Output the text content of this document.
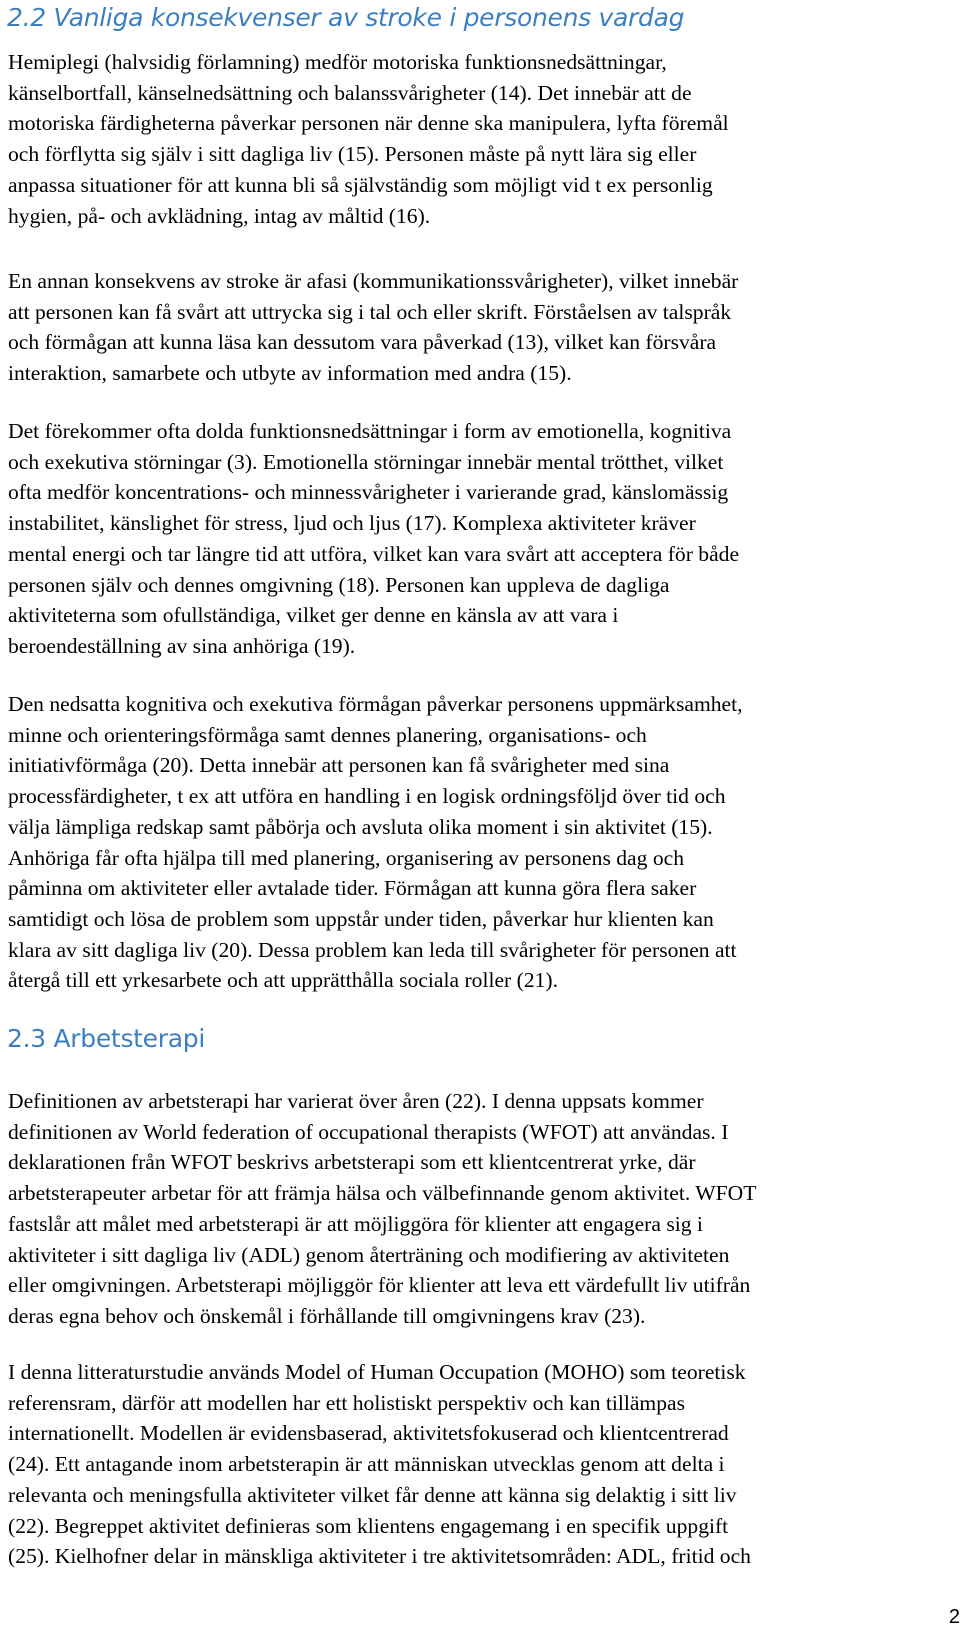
2.2 Vanliga konsekvenser av stroke i personens vardag

Hemiplegi (halvsidig förlamning) medför motoriska funktionsnedsättningar,
känselbortfall, känselnedsättning och balanssvårigheter (14). Det innebär att de
motoriska färdigheterna påverkar personen när denne ska manipulera, lyfta föremål
och förflytta sig själv i sitt dagliga liv (15). Personen måste på nytt lära sig eller
anpassa situationer för att kunna bli så självständig som möjligt vid t ex personlig
hygien, på- och avklädning, intag av måltid (16).

En annan konsekvens av stroke är afasi (kommunikationssvårigheter), vilket innebär
att personen kan få svårt att uttrycka sig i tal och eller skrift. Förståelsen av talspråk
och förmågan att kunna läsa kan dessutom vara påverkad (13), vilket kan försvåra
interaktion, samarbete och utbyte av information med andra (15).

Det förekommer ofta dolda funktionsnedsättningar i form av emotionella, kognitiva
och exekutiva störningar (3). Emotionella störningar innebär mental trötthet, vilket
ofta medför koncentrations- och minnessvårigheter i varierande grad, känslomässig
instabilitet, känslighet för stress, ljud och ljus (17). Komplexa aktiviteter kräver
mental energi och tar längre tid att utföra, vilket kan vara svårt att acceptera för både
personen själv och dennes omgivning (18). Personen kan uppleva de dagliga
aktiviteterna som ofullständiga, vilket ger denne en känsla av att vara i
beroendeställning av sina anhöriga (19).

Den nedsatta kognitiva och exekutiva förmågan påverkar personens uppmärksamhet,
minne och orienteringsförmåga samt dennes planering, organisations- och
initiativförmåga (20). Detta innebär att personen kan få svårigheter med sina
processfärdigheter, t ex att utföra en handling i en logisk ordningsföljd över tid och
välja lämpliga redskap samt påbörja och avsluta olika moment i sin aktivitet (15).
Anhöriga får ofta hjälpa till med planering, organisering av personens dag och
påminna om aktiviteter eller avtalade tider. Förmågan att kunna göra flera saker
samtidigt och lösa de problem som uppstår under tiden, påverkar hur klienten kan
klara av sitt dagliga liv (20). Dessa problem kan leda till svårigheter för personen att
återgå till ett yrkesarbete och att upprätthålla sociala roller (21).

2.3 Arbetsterapi

Definitionen av arbetsterapi har varierat över åren (22). I denna uppsats kommer
definitionen av World federation of occupational therapists (WFOT) att användas. I
deklarationen från WFOT beskrivs arbetsterapi som ett klientcentrerat yrke, där
arbetsterapeuter arbetar för att främja hälsa och välbefinnande genom aktivitet. WFOT
fastslår att målet med arbetsterapi är att möjliggöra för klienter att engagera sig i
aktiviteter i sitt dagliga liv (ADL) genom återträning och modifiering av aktiviteten
eller omgivningen. Arbetsterapi möjliggör för klienter att leva ett värdefullt liv utifrån
deras egna behov och önskemål i förhållande till omgivningens krav (23).

I denna litteraturstudie används Model of Human Occupation (MOHO) som teoretisk
referensram, därför att modellen har ett holistiskt perspektiv och kan tillämpas
internationellt. Modellen är evidensbaserad, aktivitetsfokuserad och klientcentrerad
(24). Ett antagande inom arbetsterapin är att människan utvecklas genom att delta i
relevanta och meningsfulla aktiviteter vilket får denne att känna sig delaktig i sitt liv
(22). Begreppet aktivitet definieras som klientens engagemang i en specifik uppgift
(25). Kielhofner delar in mänskliga aktiviteter i tre aktivitetsområden: ADL, fritid och

2
